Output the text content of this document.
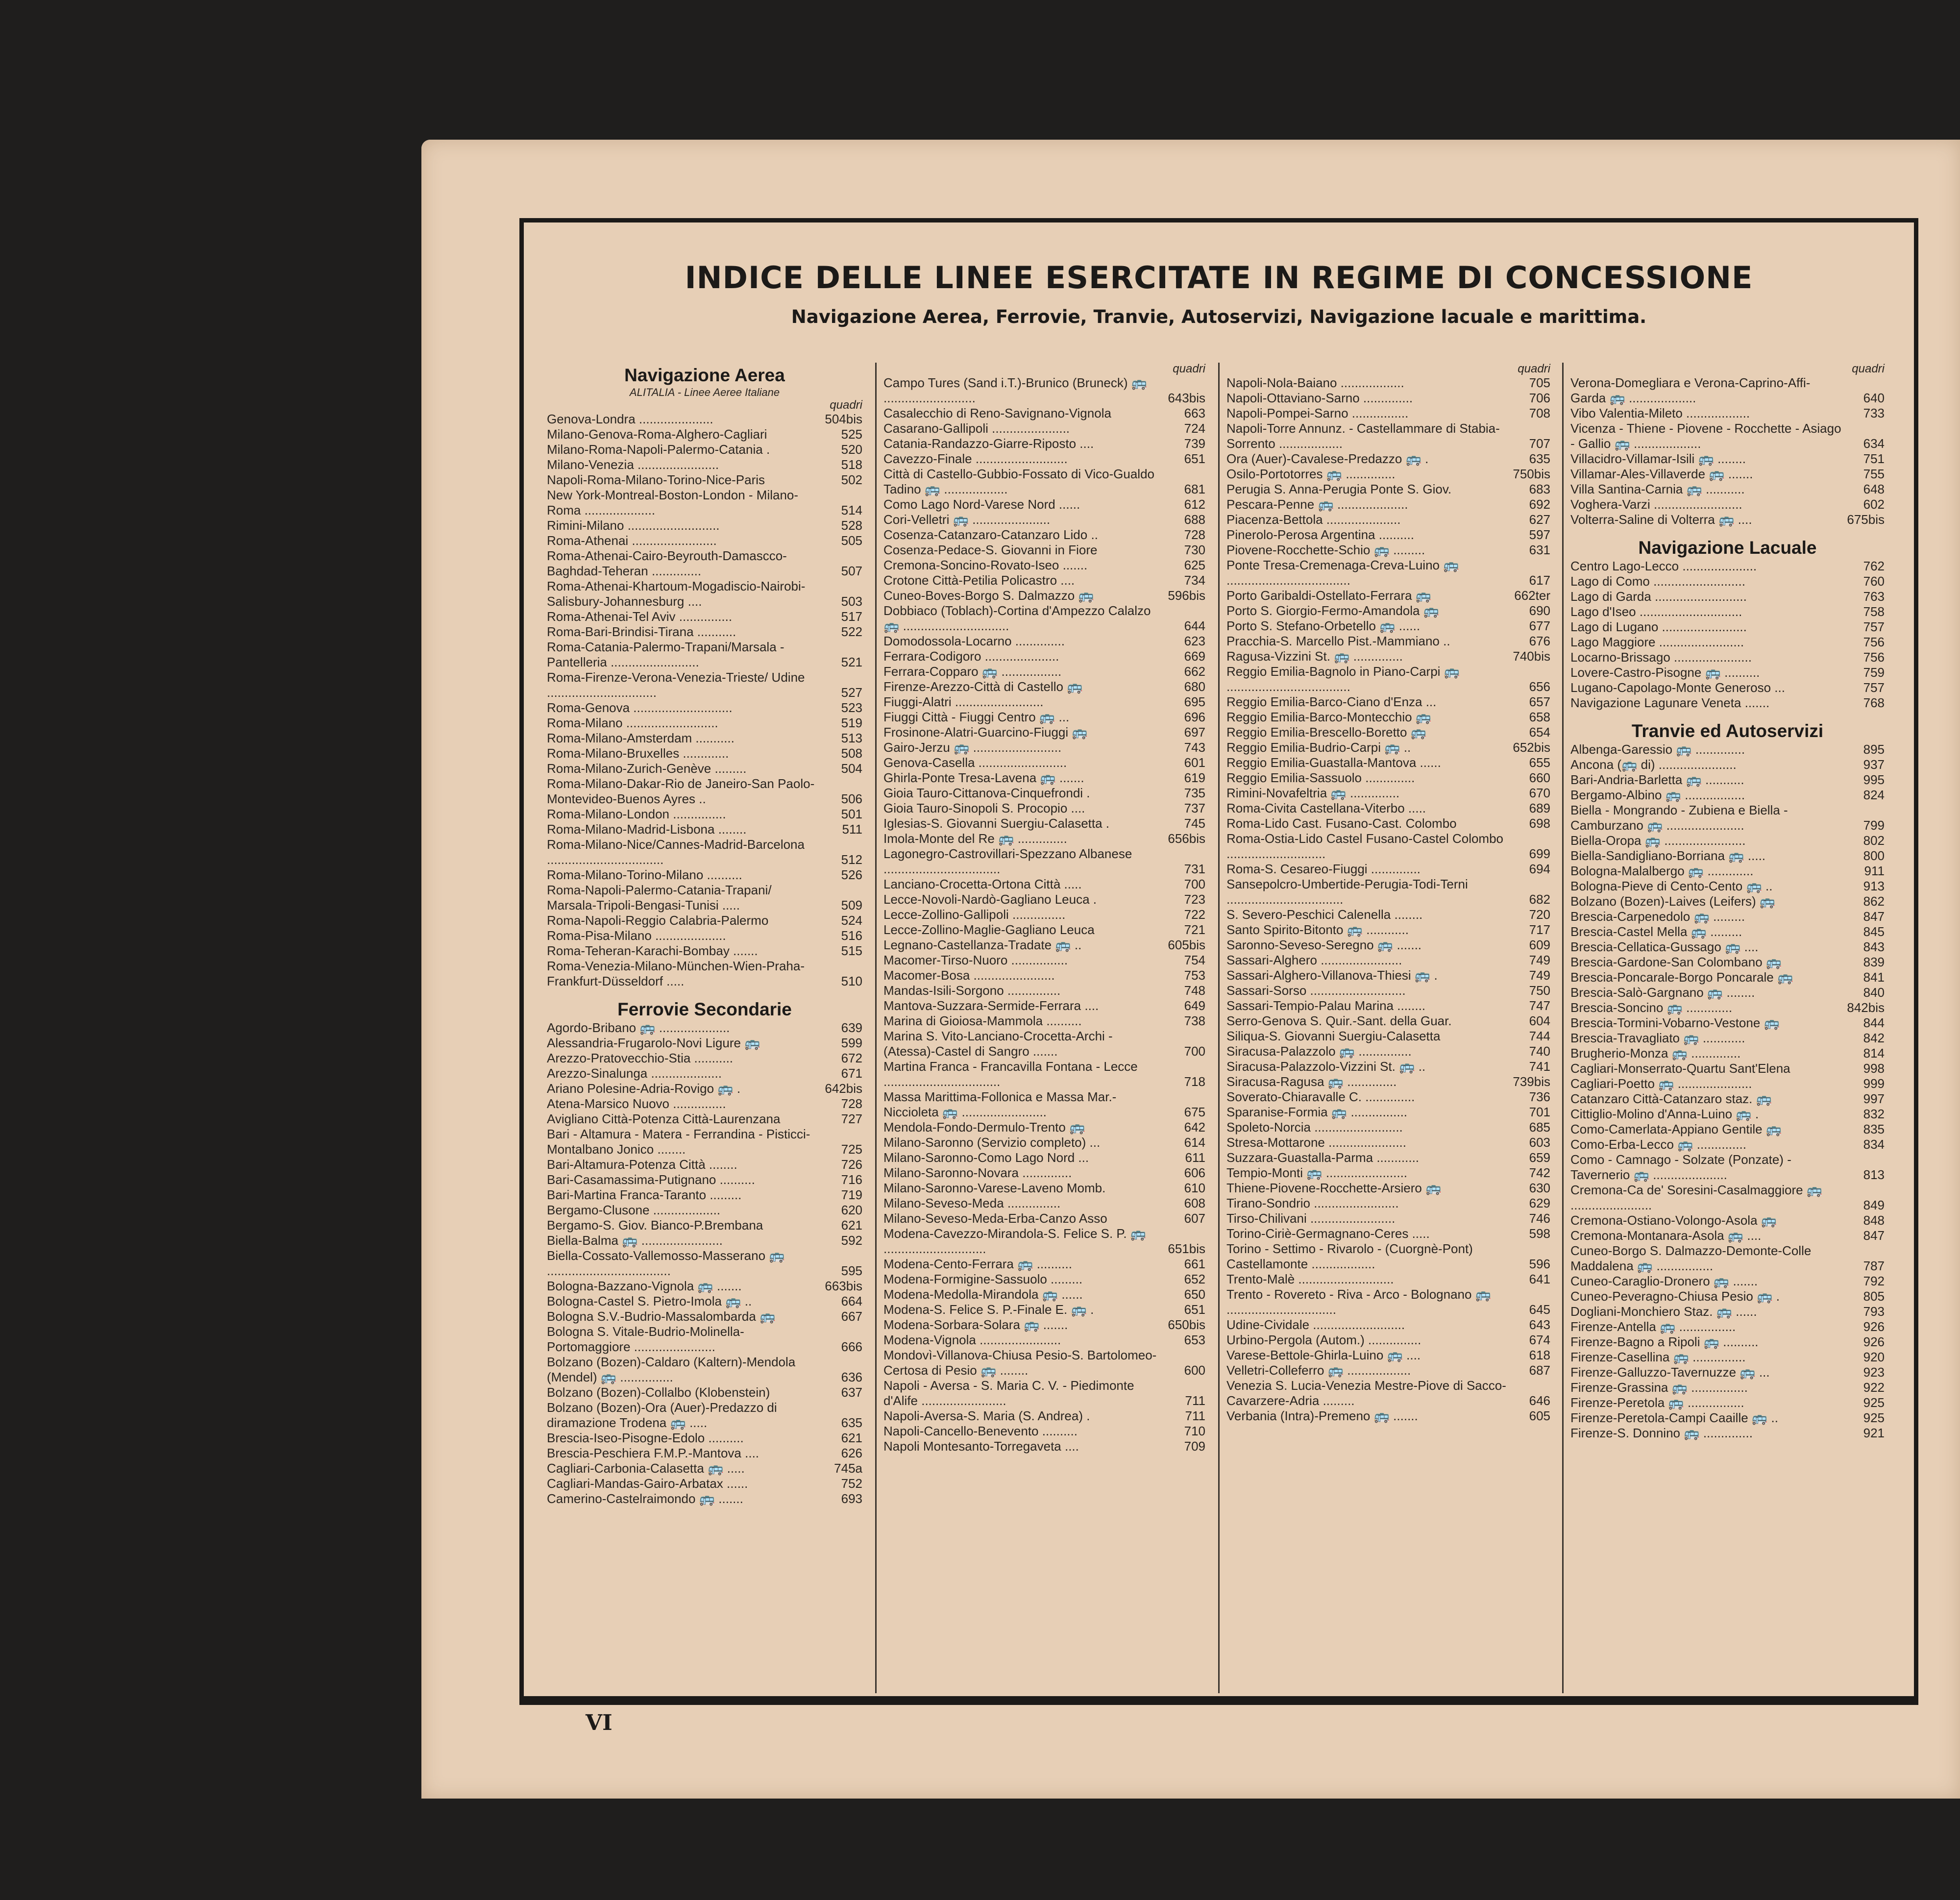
INDICE DELLE LINEE ESERCITATE IN REGIME DI CONCESSIONE
Navigazione Aerea, Ferrovie, Tranvie, Autoservizi, Navigazione lacuale e marittima.
Navigazione Aerea
ALITALIA - Linee Aeree Italiane
quadri
Genova-Londra .....................	504bis
Milano-Genova-Roma-Alghero-Cagliari	525
Milano-Roma-Napoli-Palermo-Catania .	520
Milano-Venezia .......................	518
Napoli-Roma-Milano-Torino-Nice-Paris	502
New York-Montreal-Boston-London - Milano-Roma ....................	514
Rimini-Milano ..........................	528
Roma-Athenai ........................	505
Roma-Athenai-Cairo-Beyrouth-Damascco-Baghdad-Teheran ..............	507
Roma-Athenai-Khartoum-Mogadiscio-Nairobi-Salisbury-Johannesburg ....	503
Roma-Athenai-Tel Aviv ...............	517
Roma-Bari-Brindisi-Tirana ...........	522
Roma-Catania-Palermo-Trapani/Marsala -Pantelleria .........................	521
Roma-Firenze-Verona-Venezia-Trieste/ Udine ...............................	527
Roma-Genova ............................	523
Roma-Milano ..........................	519
Roma-Milano-Amsterdam ...........	513
Roma-Milano-Bruxelles .............	508
Roma-Milano-Zurich-Genève .........	504
Roma-Milano-Dakar-Rio de Janeiro-San Paolo-Montevideo-Buenos Ayres ..	506
Roma-Milano-London ...............	501
Roma-Milano-Madrid-Lisbona ........	511
Roma-Milano-Nice/Cannes-Madrid-Barcelona .................................	512
Roma-Milano-Torino-Milano ..........	526
Roma-Napoli-Palermo-Catania-Trapani/ Marsala-Tripoli-Bengasi-Tunisi .....	509
Roma-Napoli-Reggio Calabria-Palermo	524
Roma-Pisa-Milano ....................	516
Roma-Teheran-Karachi-Bombay .......	515
Roma-Venezia-Milano-München-Wien-Praha-Frankfurt-Düsseldorf .....	510
Ferrovie Secondarie
Agordo-Bribano 🚌 ....................	639
Alessandria-Frugarolo-Novi Ligure 🚌	599
Arezzo-Pratovecchio-Stia ...........	672
Arezzo-Sinalunga ....................	671
Ariano Polesine-Adria-Rovigo 🚌 .	642bis
Atena-Marsico Nuovo ...............	728
Avigliano Città-Potenza Città-Laurenzana	727
Bari - Altamura - Matera - Ferrandina - Pisticci-Montalbano Jonico ........	725
Bari-Altamura-Potenza Città ........	726
Bari-Casamassima-Putignano ..........	716
Bari-Martina Franca-Taranto .........	719
Bergamo-Clusone ...................	620
Bergamo-S. Giov. Bianco-P.Brembana	621
Biella-Balma 🚌 .......................	592
Biella-Cossato-Vallemosso-Masserano 🚌 ...................................	595
Bologna-Bazzano-Vignola 🚌 .......	663bis
Bologna-Castel S. Pietro-Imola 🚌 ..	664
Bologna S.V.-Budrio-Massalombarda 🚌	667
Bologna S. Vitale-Budrio-Molinella-Portomaggiore .......................	666
Bolzano (Bozen)-Caldaro (Kaltern)-Mendola (Mendel) 🚌 ...............	636
Bolzano (Bozen)-Collalbo (Klobenstein)	637
Bolzano (Bozen)-Ora (Auer)-Predazzo di diramazione Trodena 🚌 .....	635
Brescia-Iseo-Pisogne-Edolo ..........	621
Brescia-Peschiera F.M.P.-Mantova ....	626
Cagliari-Carbonia-Calasetta 🚌 .....	745a
Cagliari-Mandas-Gairo-Arbatax ......	752
Camerino-Castelraimondo 🚌 .......	693
quadri
Campo Tures (Sand i.T.)-Brunico (Bruneck) 🚌 ..........................	643bis
Casalecchio di Reno-Savignano-Vignola	663
Casarano-Gallipoli ......................	724
Catania-Randazzo-Giarre-Riposto ....	739
Cavezzo-Finale ..........................	651
Città di Castello-Gubbio-Fossato di Vico-Gualdo Tadino 🚌 ..................	681
Como Lago Nord-Varese Nord ......	612
Cori-Velletri 🚌 ......................	688
Cosenza-Catanzaro-Catanzaro Lido ..	728
Cosenza-Pedace-S. Giovanni in Fiore	730
Cremona-Soncino-Rovato-Iseo .......	625
Crotone Città-Petilia Policastro ....	734
Cuneo-Boves-Borgo S. Dalmazzo 🚌	596bis
Dobbiaco (Toblach)-Cortina d'Ampezzo Calalzo 🚌 ..............................	644
Domodossola-Locarno ..............	623
Ferrara-Codigoro .....................	669
Ferrara-Copparo 🚌 .................	662
Firenze-Arezzo-Città di Castello 🚌	680
Fiuggi-Alatri .........................	695
Fiuggi Città - Fiuggi Centro 🚌 ...	696
Frosinone-Alatri-Guarcino-Fiuggi 🚌	697
Gairo-Jerzu 🚌 .........................	743
Genova-Casella .........................	601
Ghirla-Ponte Tresa-Lavena 🚌 .......	619
Gioia Tauro-Cittanova-Cinquefrondi .	735
Gioia Tauro-Sinopoli S. Procopio ....	737
Iglesias-S. Giovanni Suergiu-Calasetta .	745
Imola-Monte del Re 🚌 ..............	656bis
Lagonegro-Castrovillari-Spezzano Albanese .................................	731
Lanciano-Crocetta-Ortona Città .....	700
Lecce-Novoli-Nardò-Gagliano Leuca .	723
Lecce-Zollino-Gallipoli ...............	722
Lecce-Zollino-Maglie-Gagliano Leuca	721
Legnano-Castellanza-Tradate 🚌 ..	605bis
Macomer-Tirso-Nuoro ................	754
Macomer-Bosa .......................	753
Mandas-Isili-Sorgono ...............	748
Mantova-Suzzara-Sermide-Ferrara ....	649
Marina di Gioiosa-Mammola ..........	738
Marina S. Vito-Lanciano-Crocetta-Archi -(Atessa)-Castel di Sangro .......	700
Martina Franca - Francavilla Fontana - Lecce .................................	718
Massa Marittima-Follonica e Massa Mar.- Niccioleta 🚌 ........................	675
Mendola-Fondo-Dermulo-Trento 🚌	642
Milano-Saronno (Servizio completo) ...	614
Milano-Saronno-Como Lago Nord ...	611
Milano-Saronno-Novara ..............	606
Milano-Saronno-Varese-Laveno Momb.	610
Milano-Seveso-Meda ...............	608
Milano-Seveso-Meda-Erba-Canzo Asso	607
Modena-Cavezzo-Mirandola-S. Felice S. P. 🚌 .............................	651bis
Modena-Cento-Ferrara 🚌 ..........	661
Modena-Formigine-Sassuolo .........	652
Modena-Medolla-Mirandola 🚌 ......	650
Modena-S. Felice S. P.-Finale E. 🚌 .	651
Modena-Sorbara-Solara 🚌 .......	650bis
Modena-Vignola .......................	653
Mondovì-Villanova-Chiusa Pesio-S. Bartolomeo-Certosa di Pesio 🚌 ........	600
Napoli - Aversa - S. Maria C. V. - Piedimonte d'Alife ........................	711
Napoli-Aversa-S. Maria (S. Andrea) .	711
Napoli-Cancello-Benevento ..........	710
Napoli Montesanto-Torregaveta ....	709
quadri
Napoli-Nola-Baiano ..................	705
Napoli-Ottaviano-Sarno ..............	706
Napoli-Pompei-Sarno ................	708
Napoli-Torre Annunz. - Castellammare di Stabia-Sorrento ..................	707
Ora (Auer)-Cavalese-Predazzo 🚌 .	635
Osilo-Portotorres 🚌 ..............	750bis
Perugia S. Anna-Perugia Ponte S. Giov.	683
Pescara-Penne 🚌 ....................	692
Piacenza-Bettola .....................	627
Pinerolo-Perosa Argentina ..........	597
Piovene-Rocchette-Schio 🚌 .........	631
Ponte Tresa-Cremenaga-Creva-Luino 🚌 ...................................	617
Porto Garibaldi-Ostellato-Ferrara 🚌	662ter
Porto S. Giorgio-Fermo-Amandola 🚌	690
Porto S. Stefano-Orbetello 🚌 ......	677
Pracchia-S. Marcello Pist.-Mammiano ..	676
Ragusa-Vizzini St. 🚌 ..............	740bis
Reggio Emilia-Bagnolo in Piano-Carpi 🚌 ...................................	656
Reggio Emilia-Barco-Ciano d'Enza ...	657
Reggio Emilia-Barco-Montecchio 🚌	658
Reggio Emilia-Brescello-Boretto 🚌	654
Reggio Emilia-Budrio-Carpi 🚌 ..	652bis
Reggio Emilia-Guastalla-Mantova ......	655
Reggio Emilia-Sassuolo ..............	660
Rimini-Novafeltria 🚌 ..............	670
Roma-Civita Castellana-Viterbo .....	689
Roma-Lido Cast. Fusano-Cast. Colombo	698
Roma-Ostia-Lido Castel Fusano-Castel Colombo ............................	699
Roma-S. Cesareo-Fiuggi ..............	694
Sansepolcro-Umbertide-Perugia-Todi-Terni .................................	682
S. Severo-Peschici Calenella ........	720
Santo Spirito-Bitonto 🚌 ............	717
Saronno-Seveso-Seregno 🚌 .......	609
Sassari-Alghero .......................	749
Sassari-Alghero-Villanova-Thiesi 🚌 .	749
Sassari-Sorso ...........................	750
Sassari-Tempio-Palau Marina ........	747
Serro-Genova S. Quir.-Sant. della Guar.	604
Siliqua-S. Giovanni Suergiu-Calasetta	744
Siracusa-Palazzolo 🚌 ...............	740
Siracusa-Palazzolo-Vizzini St. 🚌 ..	741
Siracusa-Ragusa 🚌 ..............	739bis
Soverato-Chiaravalle C. ..............	736
Sparanise-Formia 🚌 ................	701
Spoleto-Norcia .........................	685
Stresa-Mottarone ......................	603
Suzzara-Guastalla-Parma ............	659
Tempio-Monti 🚌 .......................	742
Thiene-Piovene-Rocchette-Arsiero 🚌	630
Tirano-Sondrio ........................	629
Tirso-Chilivani ........................	746
Torino-Ciriè-Germagnano-Ceres .....	598
Torino - Settimo - Rivarolo - (Cuorgnè-Pont) Castellamonte ..................	596
Trento-Malè ...........................	641
Trento - Rovereto - Riva - Arco - Bolognano 🚌 ...............................	645
Udine-Cividale ..........................	643
Urbino-Pergola (Autom.) ...............	674
Varese-Bettole-Ghirla-Luino 🚌 ....	618
Velletri-Colleferro 🚌 ..................	687
Venezia S. Lucia-Venezia Mestre-Piove di Sacco-Cavarzere-Adria .........	646
Verbania (Intra)-Premeno 🚌 .......	605
quadri
Verona-Domegliara e Verona-Caprino-Affi-Garda 🚌 ...................	640
Vibo Valentia-Mileto ..................	733
Vicenza - Thiene - Piovene - Rocchette - Asiago - Gallio 🚌 ...................	634
Villacidro-Villamar-Isili 🚌 ........	751
Villamar-Ales-Villaverde 🚌 .......	755
Villa Santina-Carnia 🚌 ...........	648
Voghera-Varzi .........................	602
Volterra-Saline di Volterra 🚌 ....	675bis
Navigazione Lacuale
Centro Lago-Lecco .....................	762
Lago di Como ..........................	760
Lago di Garda ..........................	763
Lago d'Iseo .............................	758
Lago di Lugano ........................	757
Lago Maggiore ........................	756
Locarno-Brissago ......................	756
Lovere-Castro-Pisogne 🚌 ..........	759
Lugano-Capolago-Monte Generoso ...	757
Navigazione Lagunare Veneta .......	768
Tranvie ed Autoservizi
Albenga-Garessio 🚌 ..............	895
Ancona (🚌 di) ......................	937
Bari-Andria-Barletta 🚌 ...........	995
Bergamo-Albino 🚌 .................	824
Biella - Mongrando - Zubiena e Biella - Camburzano 🚌 ......................	799
Biella-Oropa 🚌 .......................	802
Biella-Sandigliano-Borriana 🚌 .....	800
Bologna-Malalbergo 🚌 .............	911
Bologna-Pieve di Cento-Cento 🚌 ..	913
Bolzano (Bozen)-Laives (Leifers) 🚌	862
Brescia-Carpenedolo 🚌 .........	847
Brescia-Castel Mella 🚌 .........	845
Brescia-Cellatica-Gussago 🚌 ....	843
Brescia-Gardone-San Colombano 🚌	839
Brescia-Poncarale-Borgo Poncarale 🚌	841
Brescia-Salò-Gargnano 🚌 ........	840
Brescia-Soncino 🚌 .............	842bis
Brescia-Tormini-Vobarno-Vestone 🚌	844
Brescia-Travagliato 🚌 ............	842
Brugherio-Monza 🚌 ..............	814
Cagliari-Monserrato-Quartu Sant'Elena	998
Cagliari-Poetto 🚌 .....................	999
Catanzaro Città-Catanzaro staz. 🚌	997
Cittiglio-Molino d'Anna-Luino 🚌 .	832
Como-Camerlata-Appiano Gentile 🚌	835
Como-Erba-Lecco 🚌 ..............	834
Como - Camnago - Solzate (Ponzate) - Tavernerio 🚌 .....................	813
Cremona-Ca de' Soresini-Casalmaggiore 🚌 .......................	849
Cremona-Ostiano-Volongo-Asola 🚌	848
Cremona-Montanara-Asola 🚌 ....	847
Cuneo-Borgo S. Dalmazzo-Demonte-Colle Maddalena 🚌 ................	787
Cuneo-Caraglio-Dronero 🚌 .......	792
Cuneo-Peveragno-Chiusa Pesio 🚌 .	805
Dogliani-Monchiero Staz. 🚌 ......	793
Firenze-Antella 🚌 ................	926
Firenze-Bagno a Ripoli 🚌 ..........	926
Firenze-Casellina 🚌 ...............	920
Firenze-Galluzzo-Tavernuzze 🚌 ...	923
Firenze-Grassina 🚌 ................	922
Firenze-Peretola 🚌 ................	925
Firenze-Peretola-Campi Caaille 🚌 ..	925
Firenze-S. Donnino 🚌 ..............	921
VI
